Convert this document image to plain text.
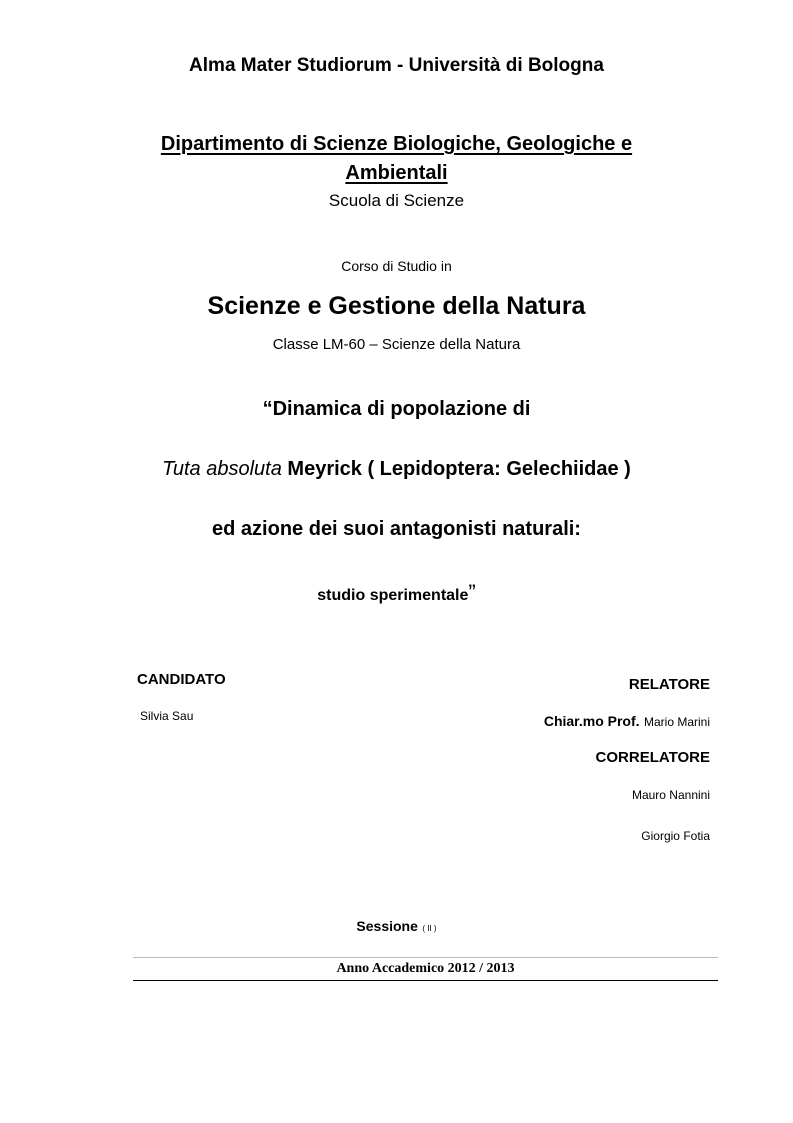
Alma Mater Studiorum - Università di Bologna
Dipartimento di Scienze Biologiche, Geologiche e
Ambientali
Scuola di Scienze
Corso di Studio in
Scienze e Gestione della Natura
Classe LM-60 – Scienze della Natura
“Dinamica di popolazione di
Tuta absoluta Meyrick ( Lepidoptera: Gelechiidae )
ed azione dei suoi antagonisti naturali:
studio sperimentale”
CANDIDATO
Silvia Sau
RELATORE
Chiar.mo Prof. Mario Marini
CORRELATORE
Mauro Nannini
Giorgio Fotia
Sessione ( II )
Anno Accademico 2012 / 2013
